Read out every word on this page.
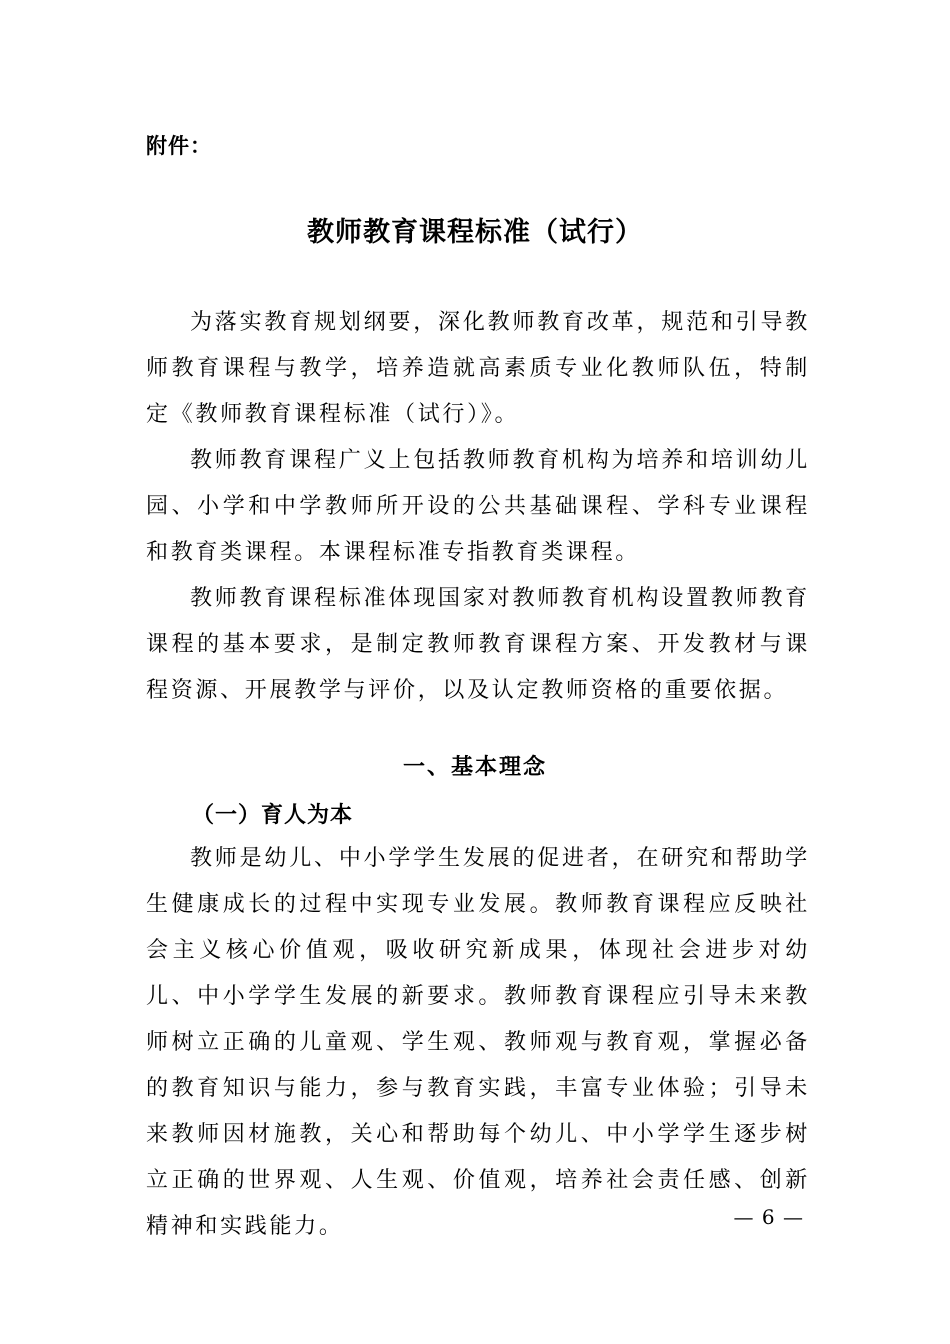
附件：
教师教育课程标准（试行）

为落实教育规划纲要，深化教师教育改革，规范和引导教师教育课程与教学，培养造就高素质专业化教师队伍，特制定《教师教育课程标准（试行）》。

教师教育课程广义上包括教师教育机构为培养和培训幼儿园、小学和中学教师所开设的公共基础课程、学科专业课程和教育类课程。本课程标准专指教育类课程。

教师教育课程标准体现国家对教师教育机构设置教师教育课程的基本要求，是制定教师教育课程方案、开发教材与课程资源、开展教学与评价，以及认定教师资格的重要依据。

一、基本理念
（一）育人为本

教师是幼儿、中小学学生发展的促进者，在研究和帮助学生健康成长的过程中实现专业发展。教师教育课程应反映社会主义核心价值观，吸收研究新成果，体现社会进步对幼儿、中小学学生发展的新要求。教师教育课程应引导未来教师树立正确的儿童观、学生观、教师观与教育观，掌握必备的教育知识与能力，参与教育实践，丰富专业体验；引导未来教师因材施教，关心和帮助每个幼儿、中小学学生逐步树立正确的世界观、人生观、价值观，培养社会责任感、创新精神和实践能力。	— 6 —
